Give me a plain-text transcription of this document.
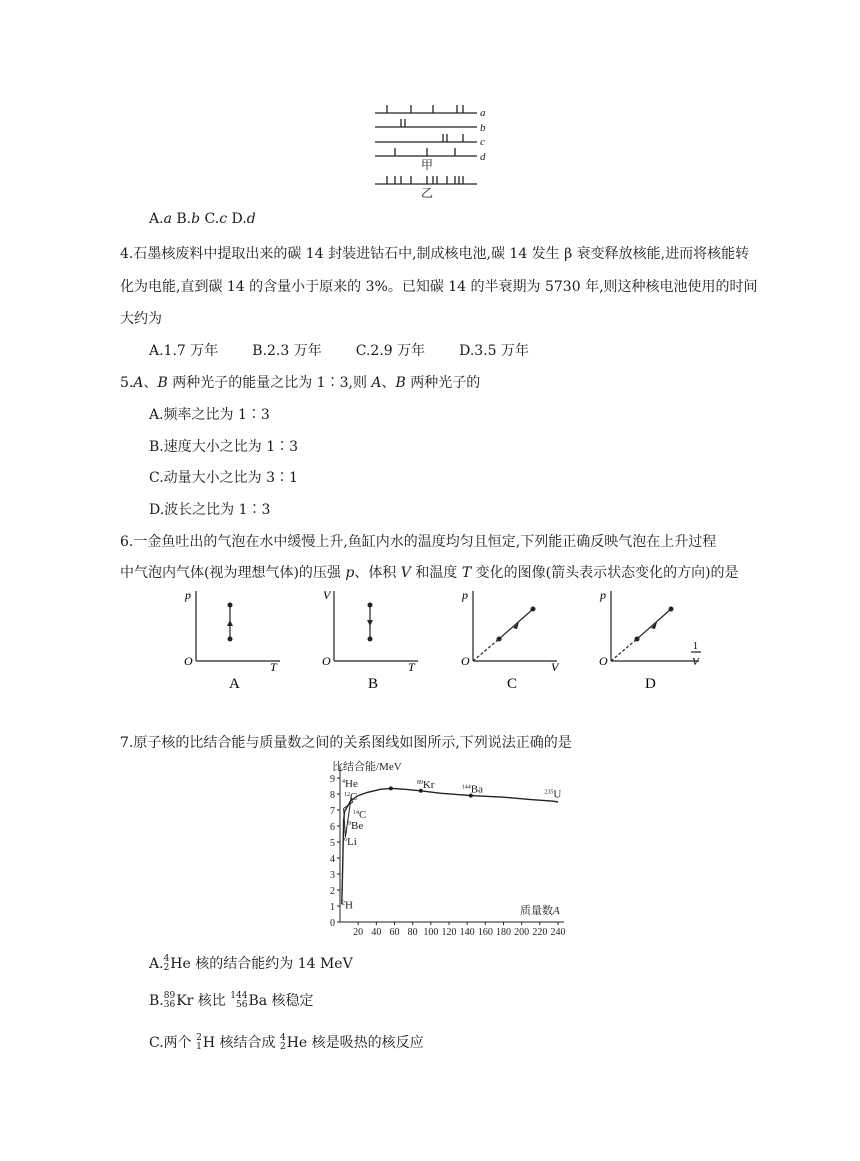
a
b
c
d
甲
乙
A.a B.b C.c D.d
4.石墨核废料中提取出来的碳 14 封装进钴石中,制成核电池,碳 14 发生 β 衰变释放核能,进而将核能转
化为电能,直到碳 14 的含量小于原来的 3%。已知碳 14 的半衰期为 5730 年,则这种核电池使用的时间
大约为
A.1.7 万年 B.2.3 万年 C.2.9 万年 D.3.5 万年
5.A、B 两种光子的能量之比为 1∶3,则 A、B 两种光子的
A.频率之比为 1∶3
B.速度大小之比为 1∶3
C.动量大小之比为 3∶1
D.波长之比为 1∶3
6.一金鱼吐出的气泡在水中缓慢上升,鱼缸内水的温度均匀且恒定,下列能正确反映气泡在上升过程
中气泡内气体(视为理想气体)的压强 p、体积 V 和温度 T 变化的图像(箭头表示状态变化的方向)的是
p
O	T
A
V
O	T
B
p
O	V
C
p
O
1
V
D
7.原子核的比结合能与质量数之间的关系图线如图所示,下列说法正确的是
比结合能/MeV
质量数A
0
1
2
3
4
5
6
7
8
9
20 40 60 80 100 120 140 160 180 200 220 240
$^4$He
$^{12}$C
$^{14}$C
$^9$Be
$^6$Li
$^2$H
$^{89}$Kr	$^{144}$Ba	$^{235}$U
A. 4
2 He 核的结合能约为 14 MeV
B. 89
36 Kr 核比 144
56 Ba 核稳定
C.两个 2
1 H 核结合成 4
2 He 核是吸热的核反应
